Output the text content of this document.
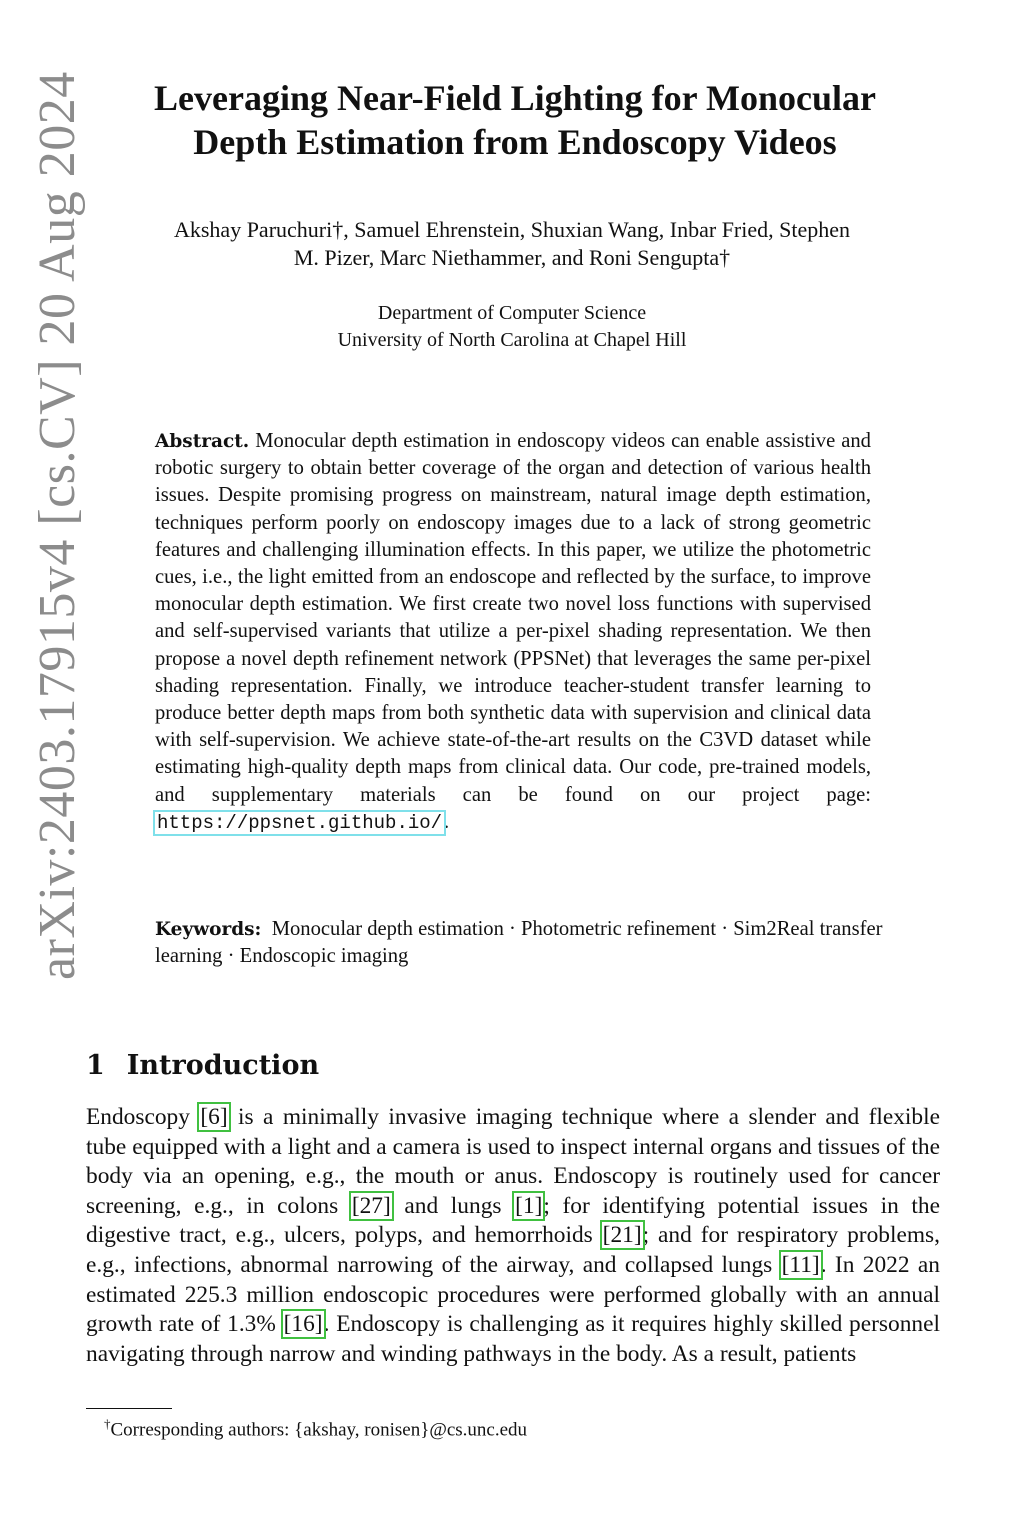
arXiv:2403.17915v4 [cs.CV] 20 Aug 2024	Leveraging Near-Field Lighting for Monocular
Depth Estimation from Endoscopy Videos
Akshay Paruchuri†, Samuel Ehrenstein, Shuxian Wang, Inbar Fried, Stephen
M. Pizer, Marc Niethammer, and Roni Sengupta†
Department of Computer Science
University of North Carolina at Chapel Hill

Abstract. Monocular depth estimation in endoscopy videos can enable assistive and robotic surgery to obtain better coverage of the organ and detection of various health issues. Despite promising progress on mainstream, natural image depth estimation, techniques perform poorly on endoscopy images due to a lack of strong geometric features and challenging illumination effects. In this paper, we utilize the photometric cues, i.e., the light emitted from an endoscope and reflected by the surface, to improve monocular depth estimation. We first create two novel loss functions with supervised and self-supervised variants that utilize a per-pixel shading representation. We then propose a novel depth refinement network (PPSNet) that leverages the same per-pixel shading representation. Finally, we introduce teacher-student transfer learning to produce better depth maps from both synthetic data with supervision and clinical data with self-supervision. We achieve state-of-the-art results on the C3VD dataset while estimating high-quality depth maps from clinical data. Our code, pre-trained models, and supplementary materials can be found on our project page: https://ppsnet.github.io/.

Keywords: Monocular depth estimation · Photometric refinement · Sim2Real transfer learning · Endoscopic imaging

1 Introduction

Endoscopy [6] is a minimally invasive imaging technique where a slender and flexible tube equipped with a light and a camera is used to inspect internal organs and tissues of the body via an opening, e.g., the mouth or anus. Endoscopy is routinely used for cancer screening, e.g., in colons [27] and lungs [1]; for identifying potential issues in the digestive tract, e.g., ulcers, polyps, and hemorrhoids [21]; and for respiratory problems, e.g., infections, abnormal narrowing of the airway, and collapsed lungs [11]. In 2022 an estimated 225.3 million endoscopic procedures were performed globally with an annual growth rate of 1.3% [16]. Endoscopy is challenging as it requires highly skilled personnel navigating through narrow and winding pathways in the body. As a result, patients

†Corresponding authors: {akshay, ronisen}@cs.unc.edu
